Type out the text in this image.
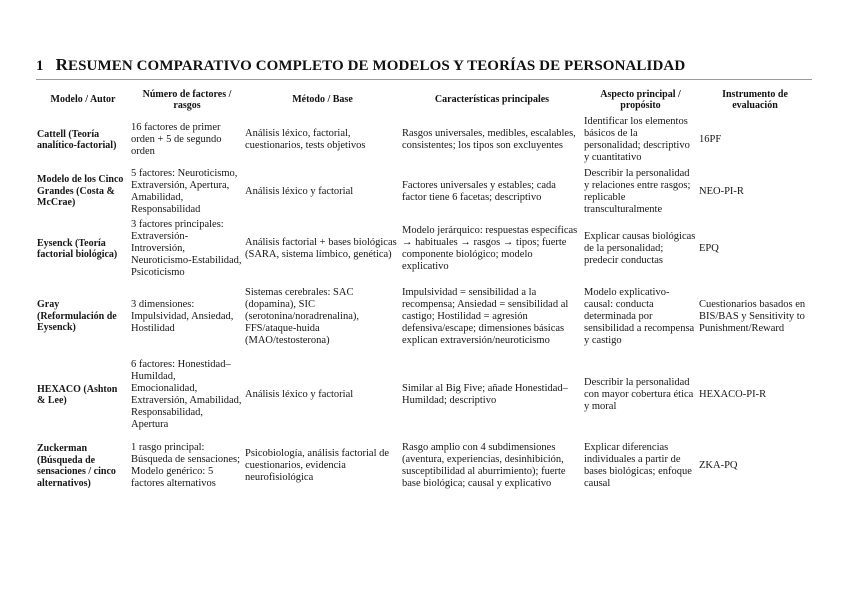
1 RESUMEN COMPARATIVO COMPLETO DE MODELOS Y TEORÍAS DE PERSONALIDAD
Modelo / Autor	Número de factores / rasgos	Método / Base	Características principales	Aspecto principal / propósito	Instrumento de evaluación
Cattell (Teoría analítico-factorial)	16 factores de primer orden + 5 de segundo orden	Análisis léxico, factorial, cuestionarios, tests objetivos	Rasgos universales, medibles, escalables, consistentes; los tipos son excluyentes	Identificar los elementos básicos de la personalidad; descriptivo y cuantitativo	16PF
Modelo de los Cinco Grandes (Costa & McCrae)	5 factores: Neuroticismo, Extraversión, Apertura, Amabilidad, Responsabilidad	Análisis léxico y factorial	Factores universales y estables; cada factor tiene 6 facetas; descriptivo	Describir la personalidad y relaciones entre rasgos; replicable transculturalmente	NEO-PI-R
Eysenck (Teoría factorial biológica)	3 factores principales: Extraversión-Introversión, Neuroticismo-Estabilidad, Psicoticismo	Análisis factorial + bases biológicas (SARA, sistema límbico, genética)	Modelo jerárquico: respuestas específicas → habituales → rasgos → tipos; fuerte componente biológico; modelo explicativo	Explicar causas biológicas de la personalidad; predecir conductas	EPQ
Gray (Reformulación de Eysenck)	3 dimensiones: Impulsividad, Ansiedad, Hostilidad	Sistemas cerebrales: SAC (dopamina), SIC (serotonina/noradrenalina), FFS/ataque-huida (MAO/testosterona)	Impulsividad = sensibilidad a la recompensa; Ansiedad = sensibilidad al castigo; Hostilidad = agresión defensiva/escape; dimensiones básicas explican extraversión/neuroticismo	Modelo explicativo-causal: conducta determinada por sensibilidad a recompensa y castigo	Cuestionarios basados en BIS/BAS y Sensitivity to Punishment/Reward
HEXACO (Ashton & Lee)	6 factores: Honestidad–Humildad, Emocionalidad, Extraversión, Amabilidad, Responsabilidad, Apertura	Análisis léxico y factorial	Similar al Big Five; añade Honestidad–Humildad; descriptivo	Describir la personalidad con mayor cobertura ética y moral	HEXACO-PI-R
Zuckerman (Búsqueda de sensaciones / cinco alternativos)	1 rasgo principal: Búsqueda de sensaciones; Modelo genérico: 5 factores alternativos	Psicobiología, análisis factorial de cuestionarios, evidencia neurofisiológica	Rasgo amplio con 4 subdimensiones (aventura, experiencias, desinhibición, susceptibilidad al aburrimiento); fuerte base biológica; causal y explicativo	Explicar diferencias individuales a partir de bases biológicas; enfoque causal	ZKA-PQ
